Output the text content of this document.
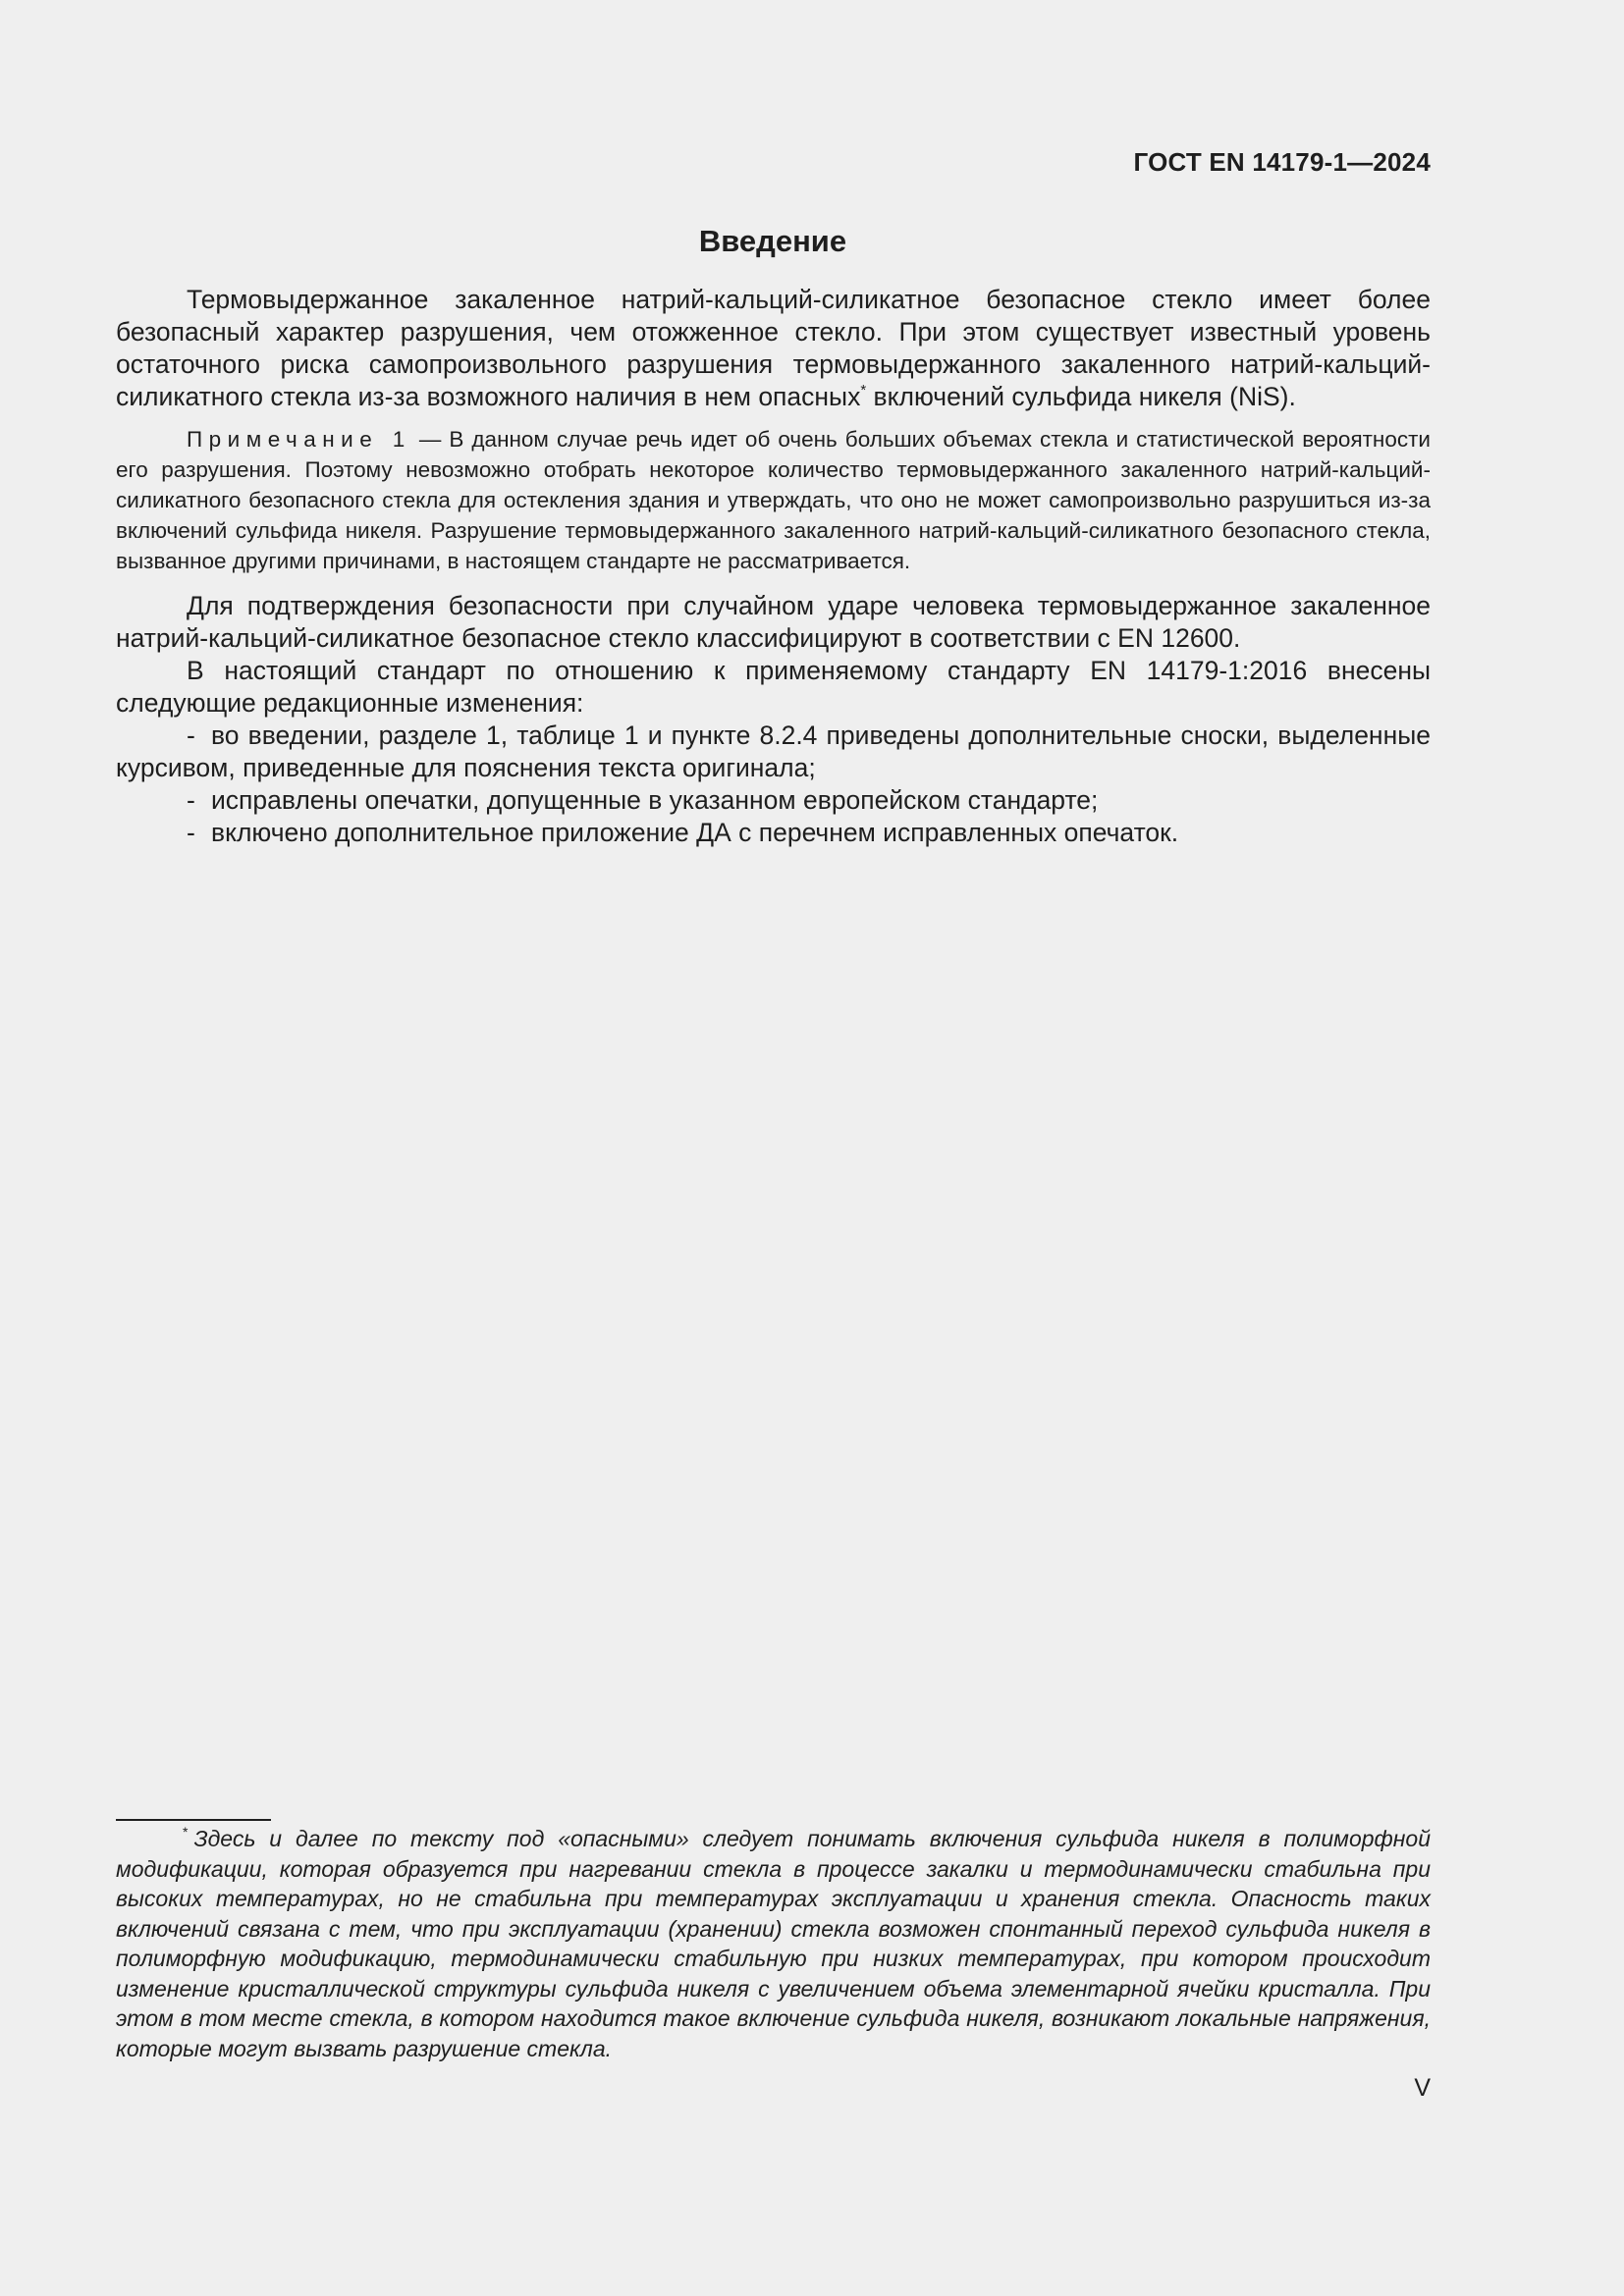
ГОСТ EN 14179-1—2024
Введение

Термовыдержанное закаленное натрий-кальций-силикатное безопасное стекло имеет более безопасный характер разрушения, чем отожженное стекло. При этом существует известный уровень остаточного риска самопроизвольного разрушения термовыдержанного закаленного натрий-кальций-силикатного стекла из-за возможного наличия в нем опасных* включений сульфида никеля (NiS).

Примечание 1 — В данном случае речь идет об очень больших объемах стекла и статистической вероятности его разрушения. Поэтому невозможно отобрать некоторое количество термовыдержанного закаленного натрий-кальций-силикатного безопасного стекла для остекления здания и утверждать, что оно не может самопроизвольно разрушиться из-за включений сульфида никеля. Разрушение термовыдержанного закаленного натрий-кальций-силикатного безопасного стекла, вызванное другими причинами, в настоящем стандарте не рассматривается.

Для подтверждения безопасности при случайном ударе человека термовыдержанное закаленное натрий-кальций-силикатное безопасное стекло классифицируют в соответствии с EN 12600.

В настоящий стандарт по отношению к применяемому стандарту EN 14179-1:2016 внесены следующие редакционные изменения:

- во введении, разделе 1, таблице 1 и пункте 8.2.4 приведены дополнительные сноски, выделенные курсивом, приведенные для пояснения текста оригинала;

- исправлены опечатки, допущенные в указанном европейском стандарте;

- включено дополнительное приложение ДА с перечнем исправленных опечаток.

* Здесь и далее по тексту под «опасными» следует понимать включения сульфида никеля в полиморфной модификации, которая образуется при нагревании стекла в процессе закалки и термодинамически стабильна при высоких температурах, но не стабильна при температурах эксплуатации и хранения стекла. Опасность таких включений связана с тем, что при эксплуатации (хранении) стекла возможен спонтанный переход сульфида никеля в полиморфную модификацию, термодинамически стабильную при низких температурах, при котором происходит изменение кристаллической структуры сульфида никеля с увеличением объема элементарной ячейки кристалла. При этом в том месте стекла, в котором находится такое включение сульфида никеля, возникают локальные напряжения, которые могут вызвать разрушение стекла.

V
